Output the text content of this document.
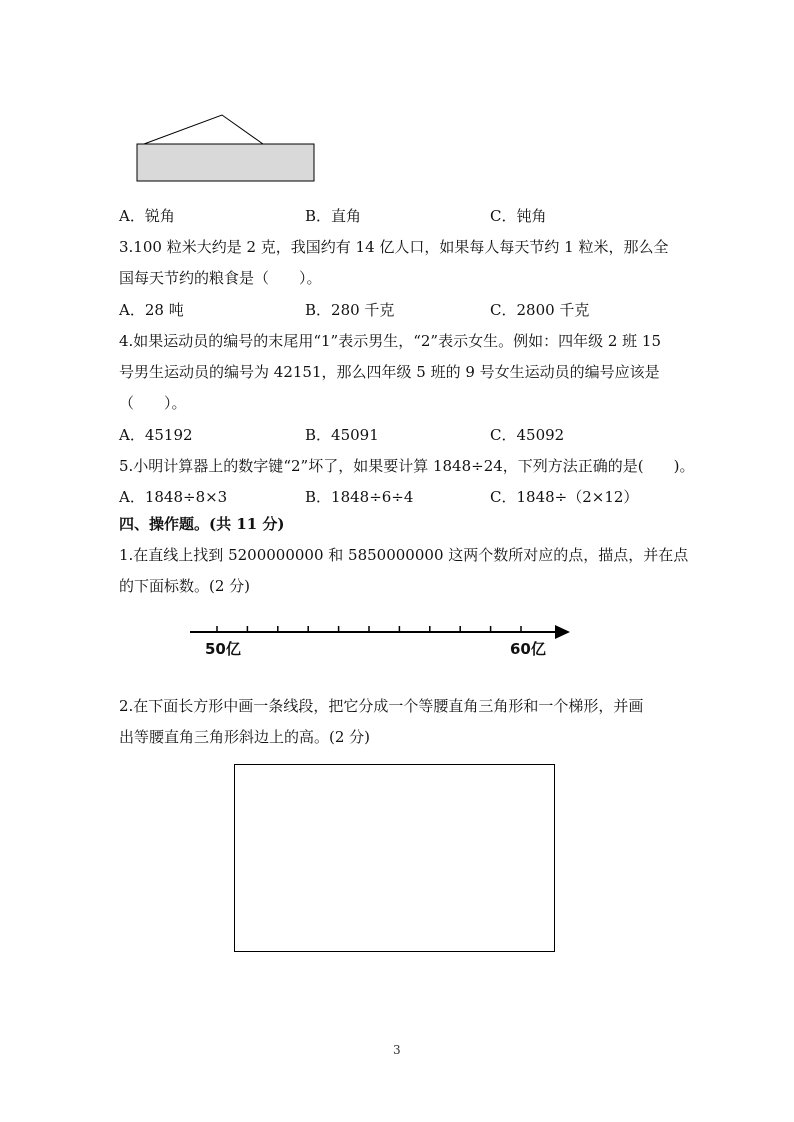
A．锐角	B．直角	C．钝角
3.100 粒米大约是 2 克，我国约有 14 亿人口，如果每人每天节约 1 粒米，那么全
国每天节约的粮食是（　　）。
A．28 吨	B．280 千克	C．2800 千克
4.如果运动员的编号的末尾用“1”表示男生，“2”表示女生。例如：四年级 2 班 15
号男生运动员的编号为 42151，那么四年级 5 班的 9 号女生运动员的编号应该是
（　　）。
A．45192	B．45091	C．45092
5.小明计算器上的数字键“2”坏了，如果要计算 1848÷24，下列方法正确的是(　　)。
A．1848÷8×3	B．1848÷6÷4	C．1848÷（2×12）
四、操作题。(共 11 分)
1.在直线上找到 5200000000 和 5850000000 这两个数所对应的点，描点，并在点
的下面标数。(2 分)
50亿	60亿
2.在下面长方形中画一条线段，把它分成一个等腰直角三角形和一个梯形，并画
出等腰直角三角形斜边上的高。(2 分)
3
